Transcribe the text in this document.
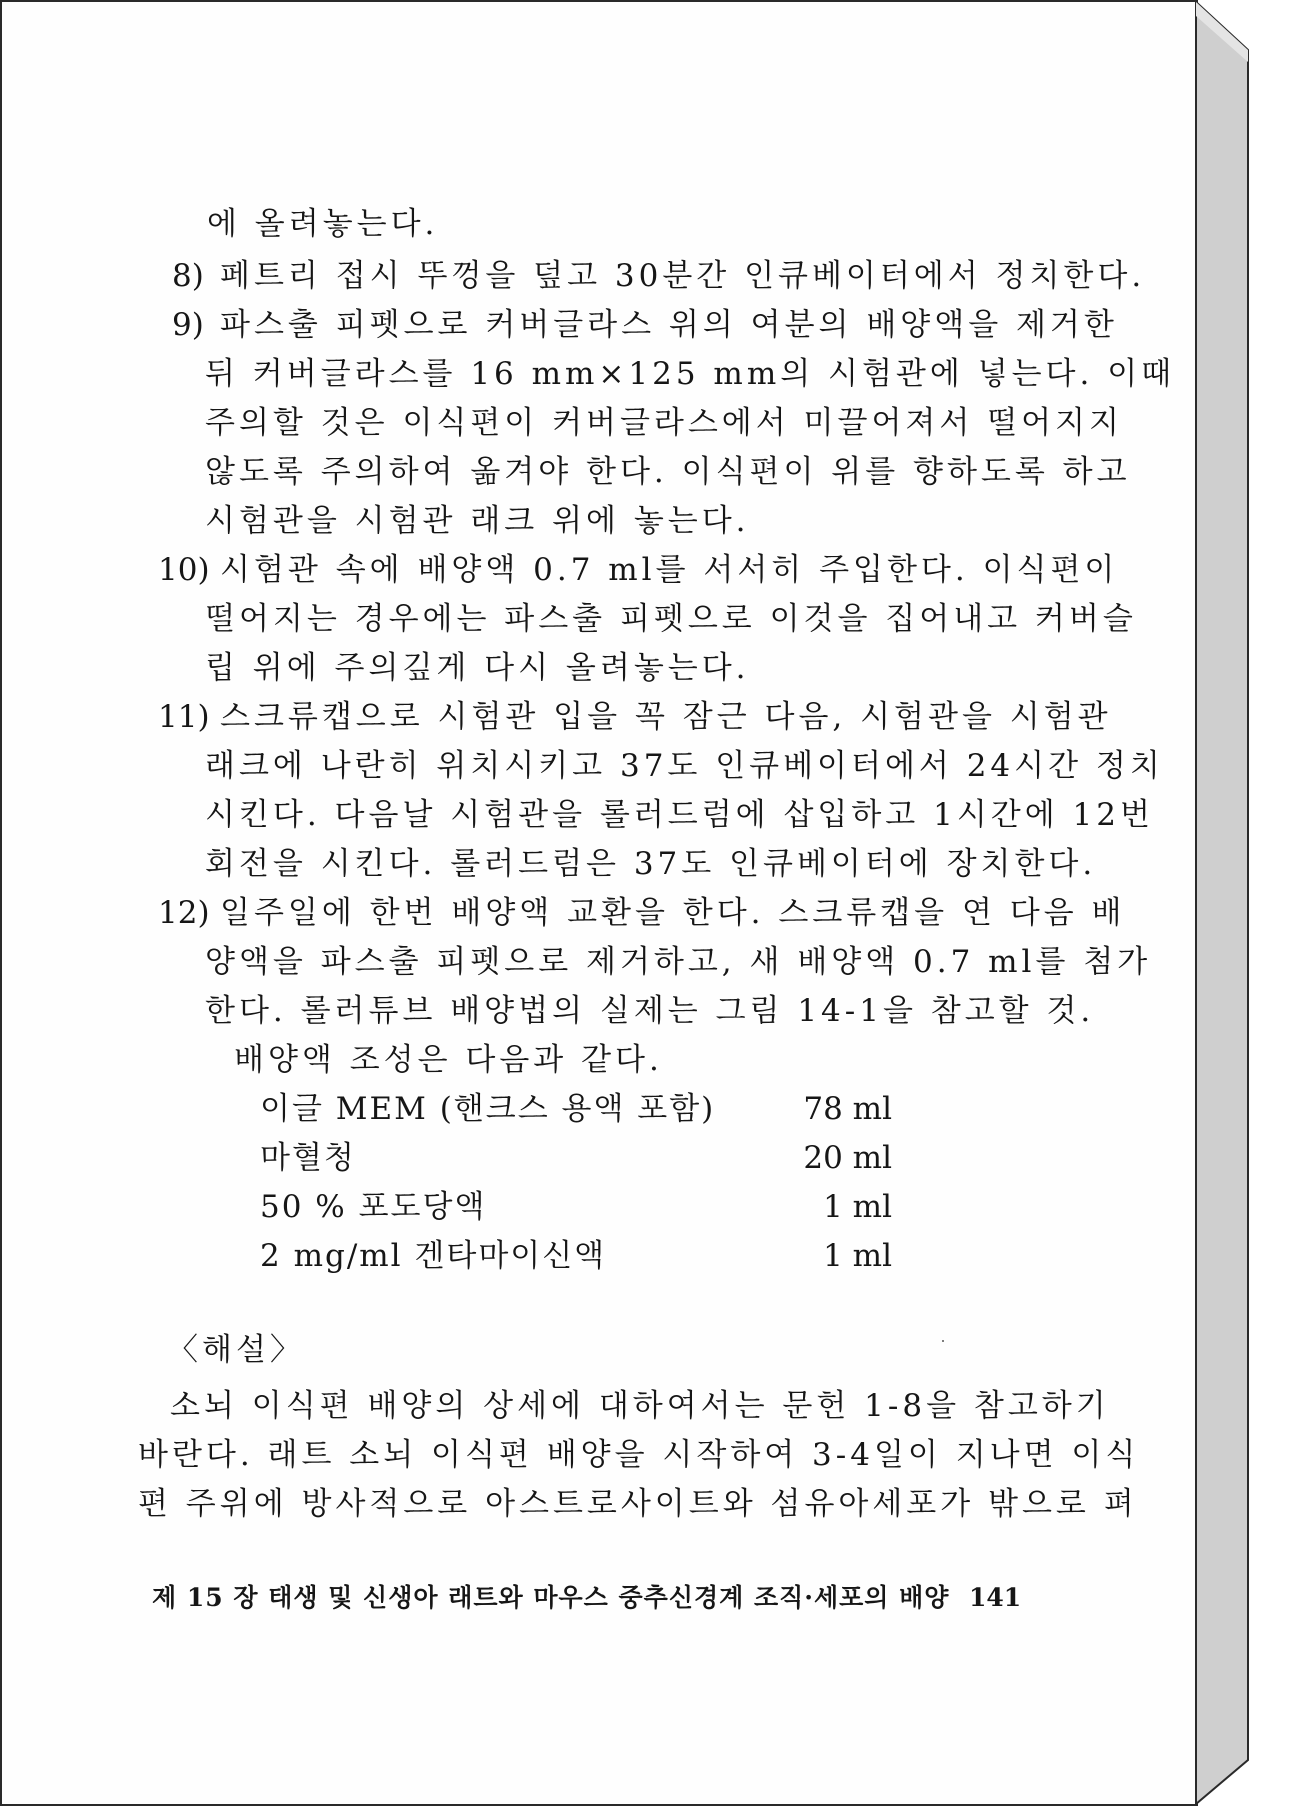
에 올려놓는다.
8) 페트리 접시 뚜껑을 덮고 30분간 인큐베이터에서 정치한다.
9) 파스출 피펫으로 커버글라스 위의 여분의 배양액을 제거한
뒤 커버글라스를 16 mm×125 mm의 시험관에 넣는다. 이때
주의할 것은 이식편이 커버글라스에서 미끌어져서 떨어지지
않도록 주의하여 옮겨야 한다. 이식편이 위를 향하도록 하고
시험관을 시험관 래크 위에 놓는다.
10) 시험관 속에 배양액 0.7 ml를 서서히 주입한다. 이식편이
떨어지는 경우에는 파스출 피펫으로 이것을 집어내고 커버슬
립 위에 주의깊게 다시 올려놓는다.
11) 스크류캡으로 시험관 입을 꼭 잠근 다음, 시험관을 시험관
래크에 나란히 위치시키고 37도 인큐베이터에서 24시간 정치
시킨다. 다음날 시험관을 롤러드럼에 삽입하고 1시간에 12번
회전을 시킨다. 롤러드럼은 37도 인큐베이터에 장치한다.
12) 일주일에 한번 배양액 교환을 한다. 스크류캡을 연 다음 배
양액을 파스출 피펫으로 제거하고, 새 배양액 0.7 ml를 첨가
한다. 롤러튜브 배양법의 실제는 그림 14-1을 참고할 것.
배양액 조성은 다음과 같다.
이글 MEM (핸크스 용액 포함)	78 ml
마혈청	20 ml
50 % 포도당액	1 ml
2 mg/ml 겐타마이신액	1 ml
〈해설〉
소뇌 이식편 배양의 상세에 대하여서는 문헌 1-8을 참고하기
바란다. 래트 소뇌 이식편 배양을 시작하여 3-4일이 지나면 이식
편 주위에 방사적으로 아스트로사이트와 섬유아세포가 밖으로 펴
제 15 장 태생 및 신생아 래트와 마우스 중추신경계 조직·세포의 배양 141
